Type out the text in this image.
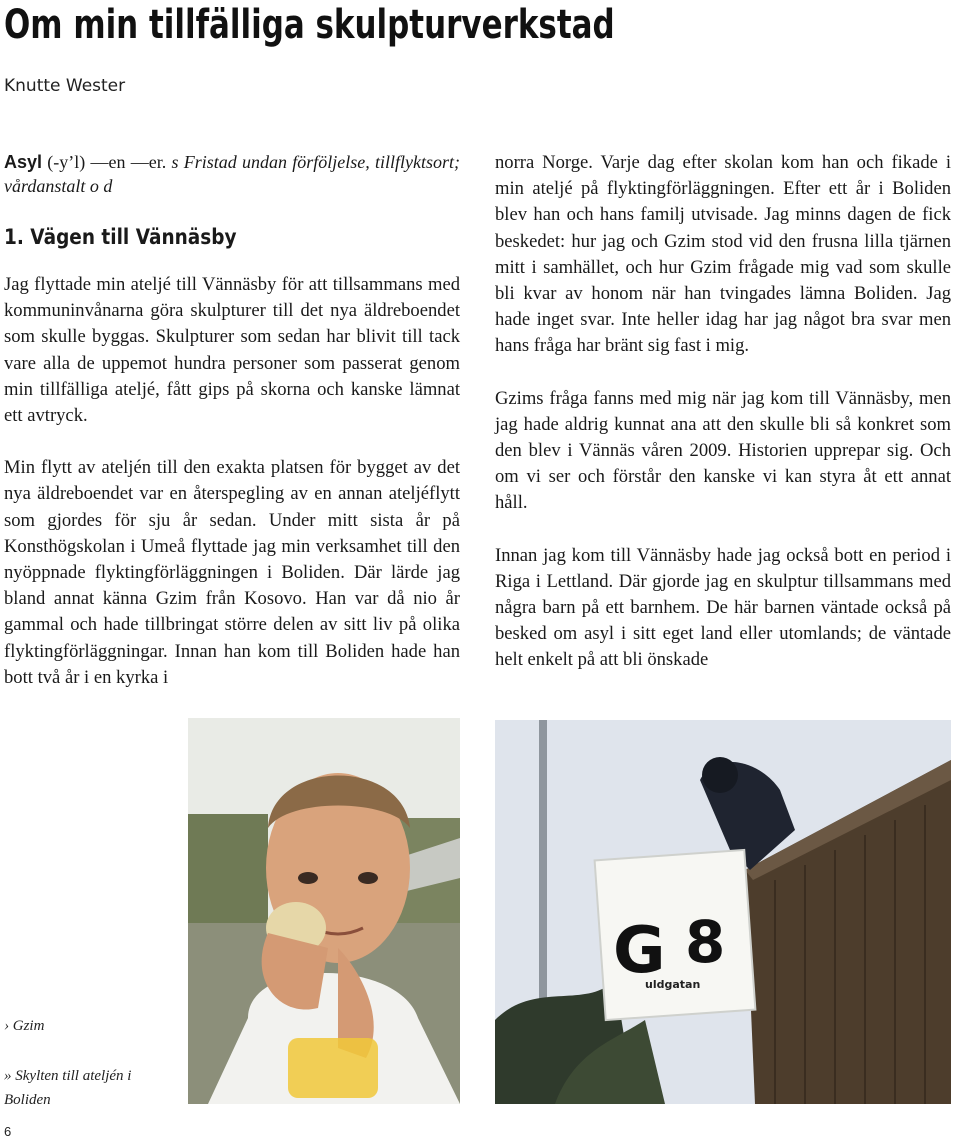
Om min tillfälliga skulpturverkstad
Knutte Wester

Asyl (-y’l) —en —er. s Fristad undan förföljelse, tillflyktsort; vårdanstalt o d

1. Vägen till Vännäsby

Jag flyttade min ateljé till Vännäsby för att tillsammans med kommuninvånarna göra skulpturer till det nya äldreboendet som skulle byggas. Skulpturer som sedan har blivit till tack vare alla de uppemot hundra personer som passerat genom min tillfälliga ateljé, fått gips på skorna och kanske lämnat ett avtryck.

Min flytt av ateljén till den exakta platsen för bygget av det nya äldreboendet var en återspegling av en annan ateljéflytt som gjordes för sju år sedan. Under mitt sista år på Konsthögskolan i Umeå flyttade jag min verksamhet till den nyöppnade flyktingförläggningen i Boliden. Där lärde jag bland annat känna Gzim från Kosovo. Han var då nio år gammal och hade tillbringat större delen av sitt liv på olika flyktingförläggningar. Innan han kom till Boliden hade han bott två år i en kyrka i

norra Norge. Varje dag efter skolan kom han och fikade i min ateljé på flyktingförläggningen. Efter ett år i Boliden blev han och hans familj utvisade. Jag minns dagen de fick beskedet: hur jag och Gzim stod vid den frusna lilla tjärnen mitt i samhället, och hur Gzim frågade mig vad som skulle bli kvar av honom när han tvingades lämna Boliden. Jag hade inget svar. Inte heller idag har jag något bra svar men hans fråga har bränt sig fast i mig.

Gzims fråga fanns med mig när jag kom till Vännäsby, men jag hade aldrig kunnat ana att den skulle bli så konkret som den blev i Vännäs våren 2009. Historien upprepar sig. Och om vi ser och förstår den kanske vi kan styra åt ett annat håll.

Innan jag kom till Vännäsby hade jag också bott en period i Riga i Lettland. Där gjorde jag en skulptur tillsammans med några barn på ett barnhem. De här barnen väntade också på besked om asyl i sitt eget land eller utomlands; de väntade helt enkelt på att bli önskade

G 8
uldgatan
› Gzim
» Skylten till ateljén i Boliden
6
